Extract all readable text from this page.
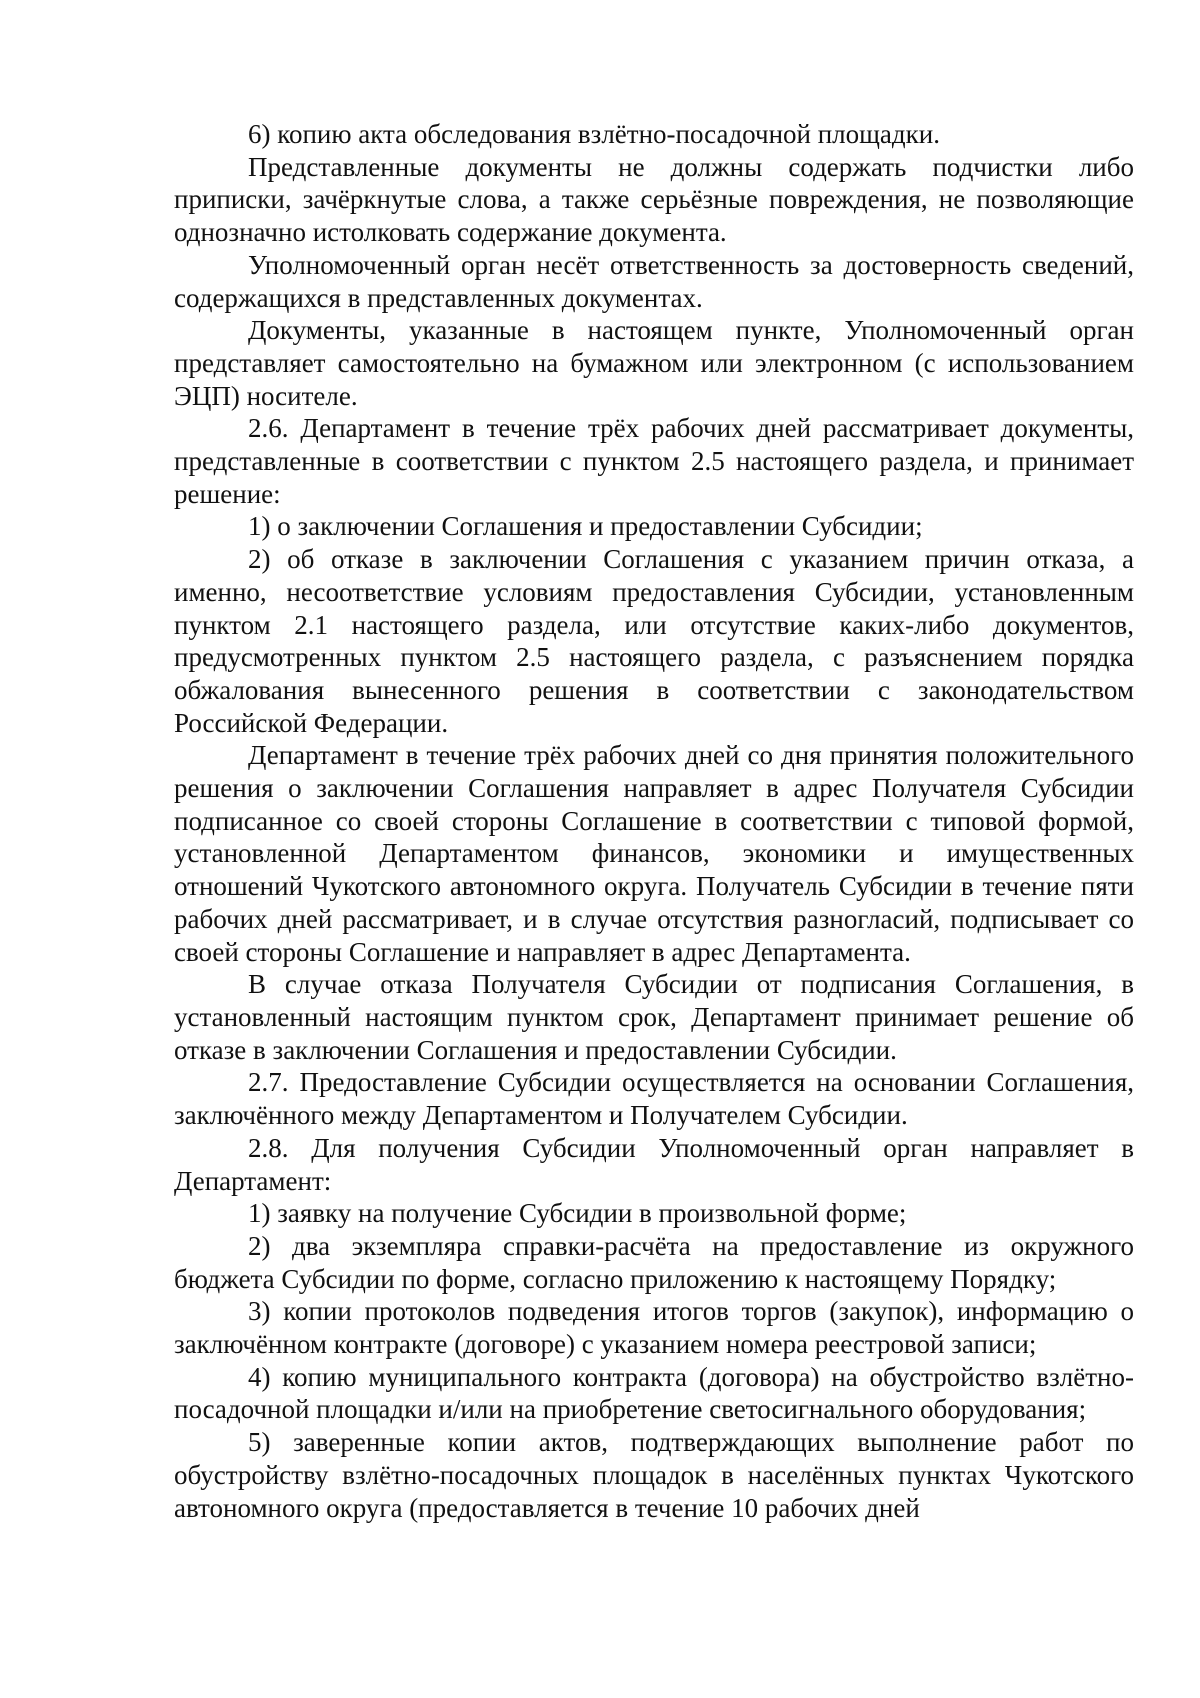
6) копию акта обследования взлётно-посадочной площадки.

Представленные документы не должны содержать подчистки либо приписки, зачёркнутые слова, а также серьёзные повреждения, не позволяющие однозначно истолковать содержание документа.

Уполномоченный орган несёт ответственность за достоверность сведений, содержащихся в представленных документах.

Документы, указанные в настоящем пункте, Уполномоченный орган представляет самостоятельно на бумажном или электронном (с использованием ЭЦП) носителе.

2.6. Департамент в течение трёх рабочих дней рассматривает документы, представленные в соответствии с пунктом 2.5 настоящего раздела, и принимает решение:

1) о заключении Соглашения и предоставлении Субсидии;

2) об отказе в заключении Соглашения с указанием причин отказа, а именно, несоответствие условиям предоставления Субсидии, установленным пунктом 2.1 настоящего раздела, или отсутствие каких-либо документов, предусмотренных пунктом 2.5 настоящего раздела, с разъяснением порядка обжалования вынесенного решения в соответствии с законодательством Российской Федерации.

Департамент в течение трёх рабочих дней со дня принятия положительного решения о заключении Соглашения направляет в адрес Получателя Субсидии подписанное со своей стороны Соглашение в соответствии с типовой формой, установленной Департаментом финансов, экономики и имущественных отношений Чукотского автономного округа. Получатель Субсидии в течение пяти рабочих дней рассматривает, и в случае отсутствия разногласий, подписывает со своей стороны Соглашение и направляет в адрес Департамента.

В случае отказа Получателя Субсидии от подписания Соглашения, в установленный настоящим пунктом срок, Департамент принимает решение об отказе в заключении Соглашения и предоставлении Субсидии.

2.7. Предоставление Субсидии осуществляется на основании Соглашения, заключённого между Департаментом и Получателем Субсидии.

2.8. Для получения Субсидии Уполномоченный орган направляет в Департамент:

1) заявку на получение Субсидии в произвольной форме;

2) два экземпляра справки-расчёта на предоставление из окружного бюджета Субсидии по форме, согласно приложению к настоящему Порядку;

3) копии протоколов подведения итогов торгов (закупок), информацию о заключённом контракте (договоре) с указанием номера реестровой записи;

4) копию муниципального контракта (договора) на обустройство взлётно-посадочной площадки и/или на приобретение светосигнального оборудования;

5) заверенные копии актов, подтверждающих выполнение работ по обустройству взлётно-посадочных площадок в населённых пунктах Чукотского автономного округа (предоставляется в течение 10 рабочих дней
